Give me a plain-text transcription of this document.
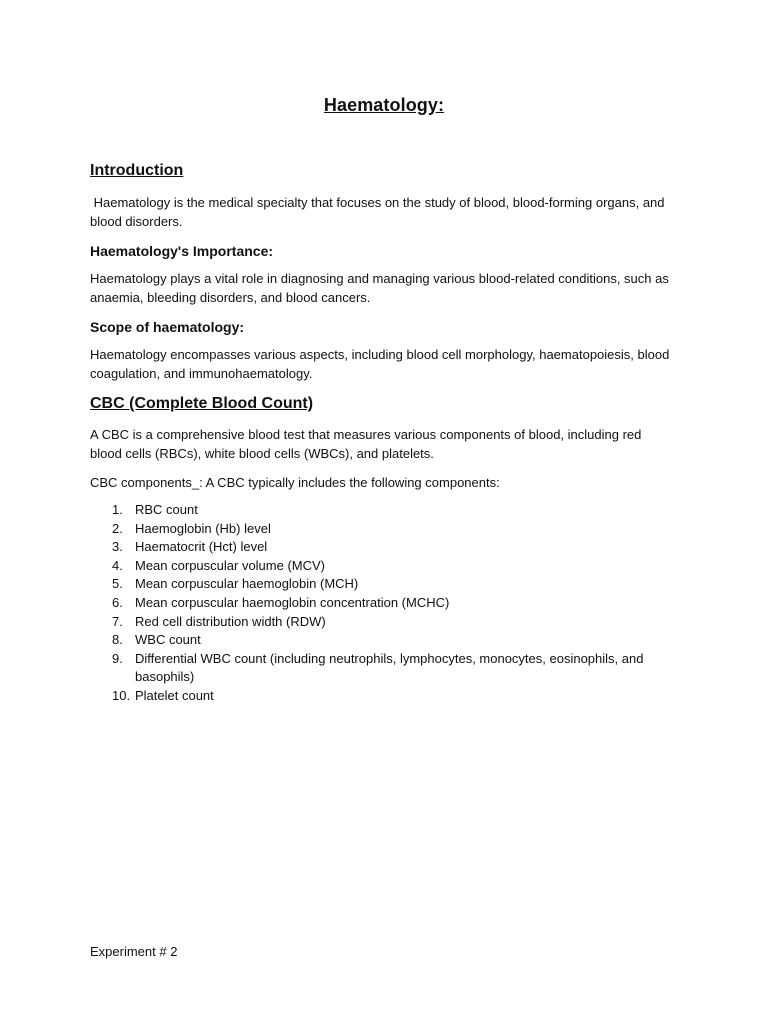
Haematology:

Introduction

Haematology is the medical specialty that focuses on the study of blood, blood-forming organs, and blood disorders.

Haematology's Importance:

Haematology plays a vital role in diagnosing and managing various blood-related conditions, such as anaemia, bleeding disorders, and blood cancers.

Scope of haematology:

Haematology encompasses various aspects, including blood cell morphology, haematopoiesis, blood coagulation, and immunohaematology.

CBC (Complete Blood Count)

A CBC is a comprehensive blood test that measures various components of blood, including red blood cells (RBCs), white blood cells (WBCs), and platelets.

CBC components_: A CBC typically includes the following components:

1. RBC count
2. Haemoglobin (Hb) level
3. Haematocrit (Hct) level
4. Mean corpuscular volume (MCV)
5. Mean corpuscular haemoglobin (MCH)
6. Mean corpuscular haemoglobin concentration (MCHC)
7. Red cell distribution width (RDW)
8. WBC count
9. Differential WBC count (including neutrophils, lymphocytes, monocytes, eosinophils, and basophils)
10. Platelet count
Experiment # 2
